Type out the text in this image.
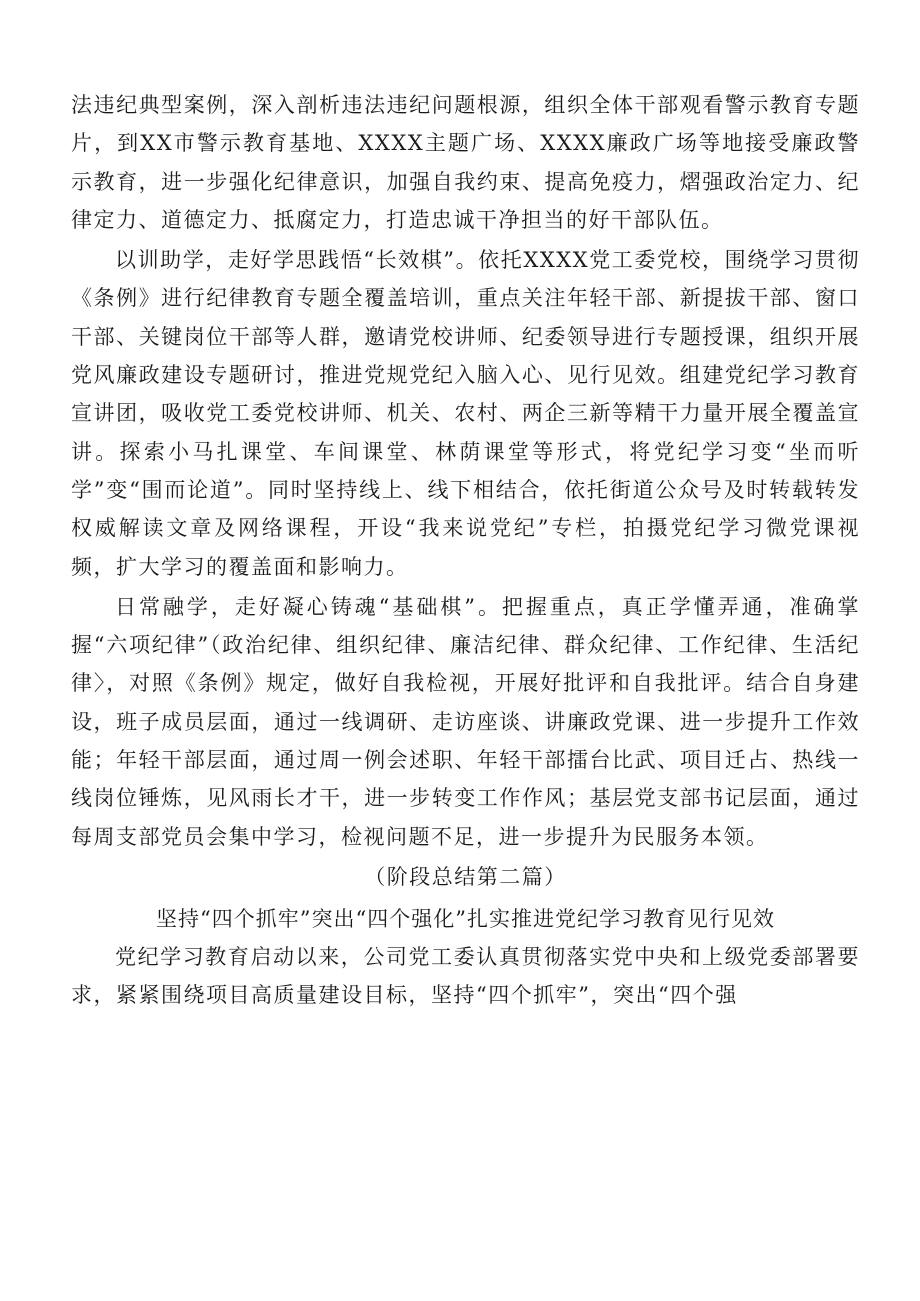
法违纪典型案例，深入剖析违法违纪问题根源，组织全体干部观看警示教育专题片，到XX市警示教育基地、XXXX主题广场、XXXX廉政广场等地接受廉政警示教育，进一步强化纪律意识，加强自我约束、提高免疫力，熠强政治定力、纪律定力、道德定力、抵腐定力，打造忠诚干净担当的好干部队伍。

以训助学，走好学思践悟“长效棋”。依托XXXX党工委党校，围绕学习贯彻《条例》进行纪律教育专题全覆盖培训，重点关注年轻干部、新提拔干部、窗口干部、关键岗位干部等人群，邀请党校讲师、纪委领导进行专题授课，组织开展党风廉政建设专题研讨，推进党规党纪入脑入心、见行见效。组建党纪学习教育宣讲团，吸收党工委党校讲师、机关、农村、两企三新等精干力量开展全覆盖宣讲。探索小马扎课堂、车间课堂、林荫课堂等形式，将党纪学习变“坐而听学”变“围而论道”。同时坚持线上、线下相结合，依托街道公众号及时转载转发权威解读文章及网络课程，开设“我来说党纪”专栏，拍摄党纪学习微党课视频，扩大学习的覆盖面和影响力。

日常融学，走好凝心铸魂“基础棋”。把握重点，真正学懂弄通，准确掌握“六项纪律”（政治纪律、组织纪律、廉洁纪律、群众纪律、工作纪律、生活纪律〉，对照《条例》规定，做好自我检视，开展好批评和自我批评。结合自身建设，班子成员层面，通过一线调研、走访座谈、讲廉政党课、进一步提升工作效能；年轻干部层面，通过周一例会述职、年轻干部擂台比武、项目迁占、热线一线岗位锤炼，见风雨长才干，进一步转变工作作风；基层党支部书记层面，通过每周支部党员会集中学习，检视问题不足，进一步提升为民服务本领。

（阶段总结第二篇）

坚持“四个抓牢”突出“四个强化”扎实推进党纪学习教育见行见效

党纪学习教育启动以来，公司党工委认真贯彻落实党中央和上级党委部署要求，紧紧围绕项目高质量建设目标，坚持“四个抓牢”，突出“四个强
